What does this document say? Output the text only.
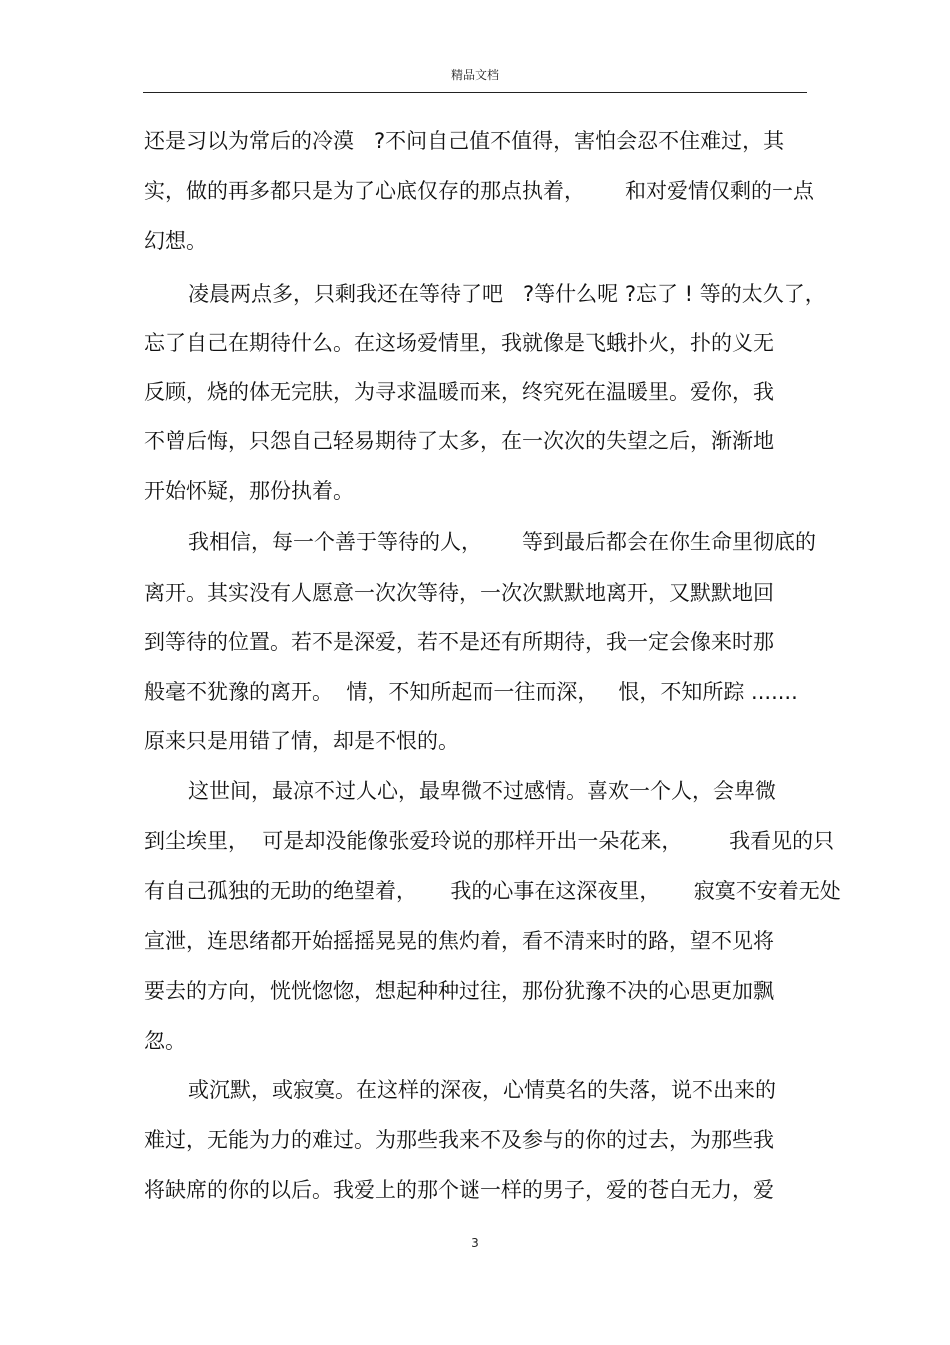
精品文档
还是习以为常后的冷漠   ?不问自己值不值得，害怕会忍不住难过，其
实，做的再多都只是为了心底仅存的那点执着，      和对爱情仅剩的一点
幻想。
凌晨两点多，只剩我还在等待了吧   ?等什么呢 ?忘了 ! 等的太久了，
忘了自己在期待什么。在这场爱情里，我就像是飞蛾扑火，扑的义无
反顾，烧的体无完肤，为寻求温暖而来，终究死在温暖里。爱你，我
不曾后悔，只怨自己轻易期待了太多，在一次次的失望之后，渐渐地
开始怀疑，那份执着。
我相信，每一个善于等待的人，      等到最后都会在你生命里彻底的
离开。其实没有人愿意一次次等待，一次次默默地离开，又默默地回
到等待的位置。若不是深爱，若不是还有所期待，我一定会像来时那
般毫不犹豫的离开。  情，不知所起而一往而深，   恨，不知所踪 .......
原来只是用错了情，却是不恨的。
这世间，最凉不过人心，最卑微不过感情。喜欢一个人，会卑微
到尘埃里，  可是却没能像张爱玲说的那样开出一朵花来，       我看见的只
有自己孤独的无助的绝望着，     我的心事在这深夜里，     寂寞不安着无处
宣泄，连思绪都开始摇摇晃晃的焦灼着，看不清来时的路，望不见将
要去的方向，恍恍惚惚，想起种种过往，那份犹豫不决的心思更加飘
忽。
或沉默，或寂寞。在这样的深夜，心情莫名的失落，说不出来的
难过，无能为力的难过。为那些我来不及参与的你的过去，为那些我
将缺席的你的以后。我爱上的那个谜一样的男子，爱的苍白无力，爱
3
